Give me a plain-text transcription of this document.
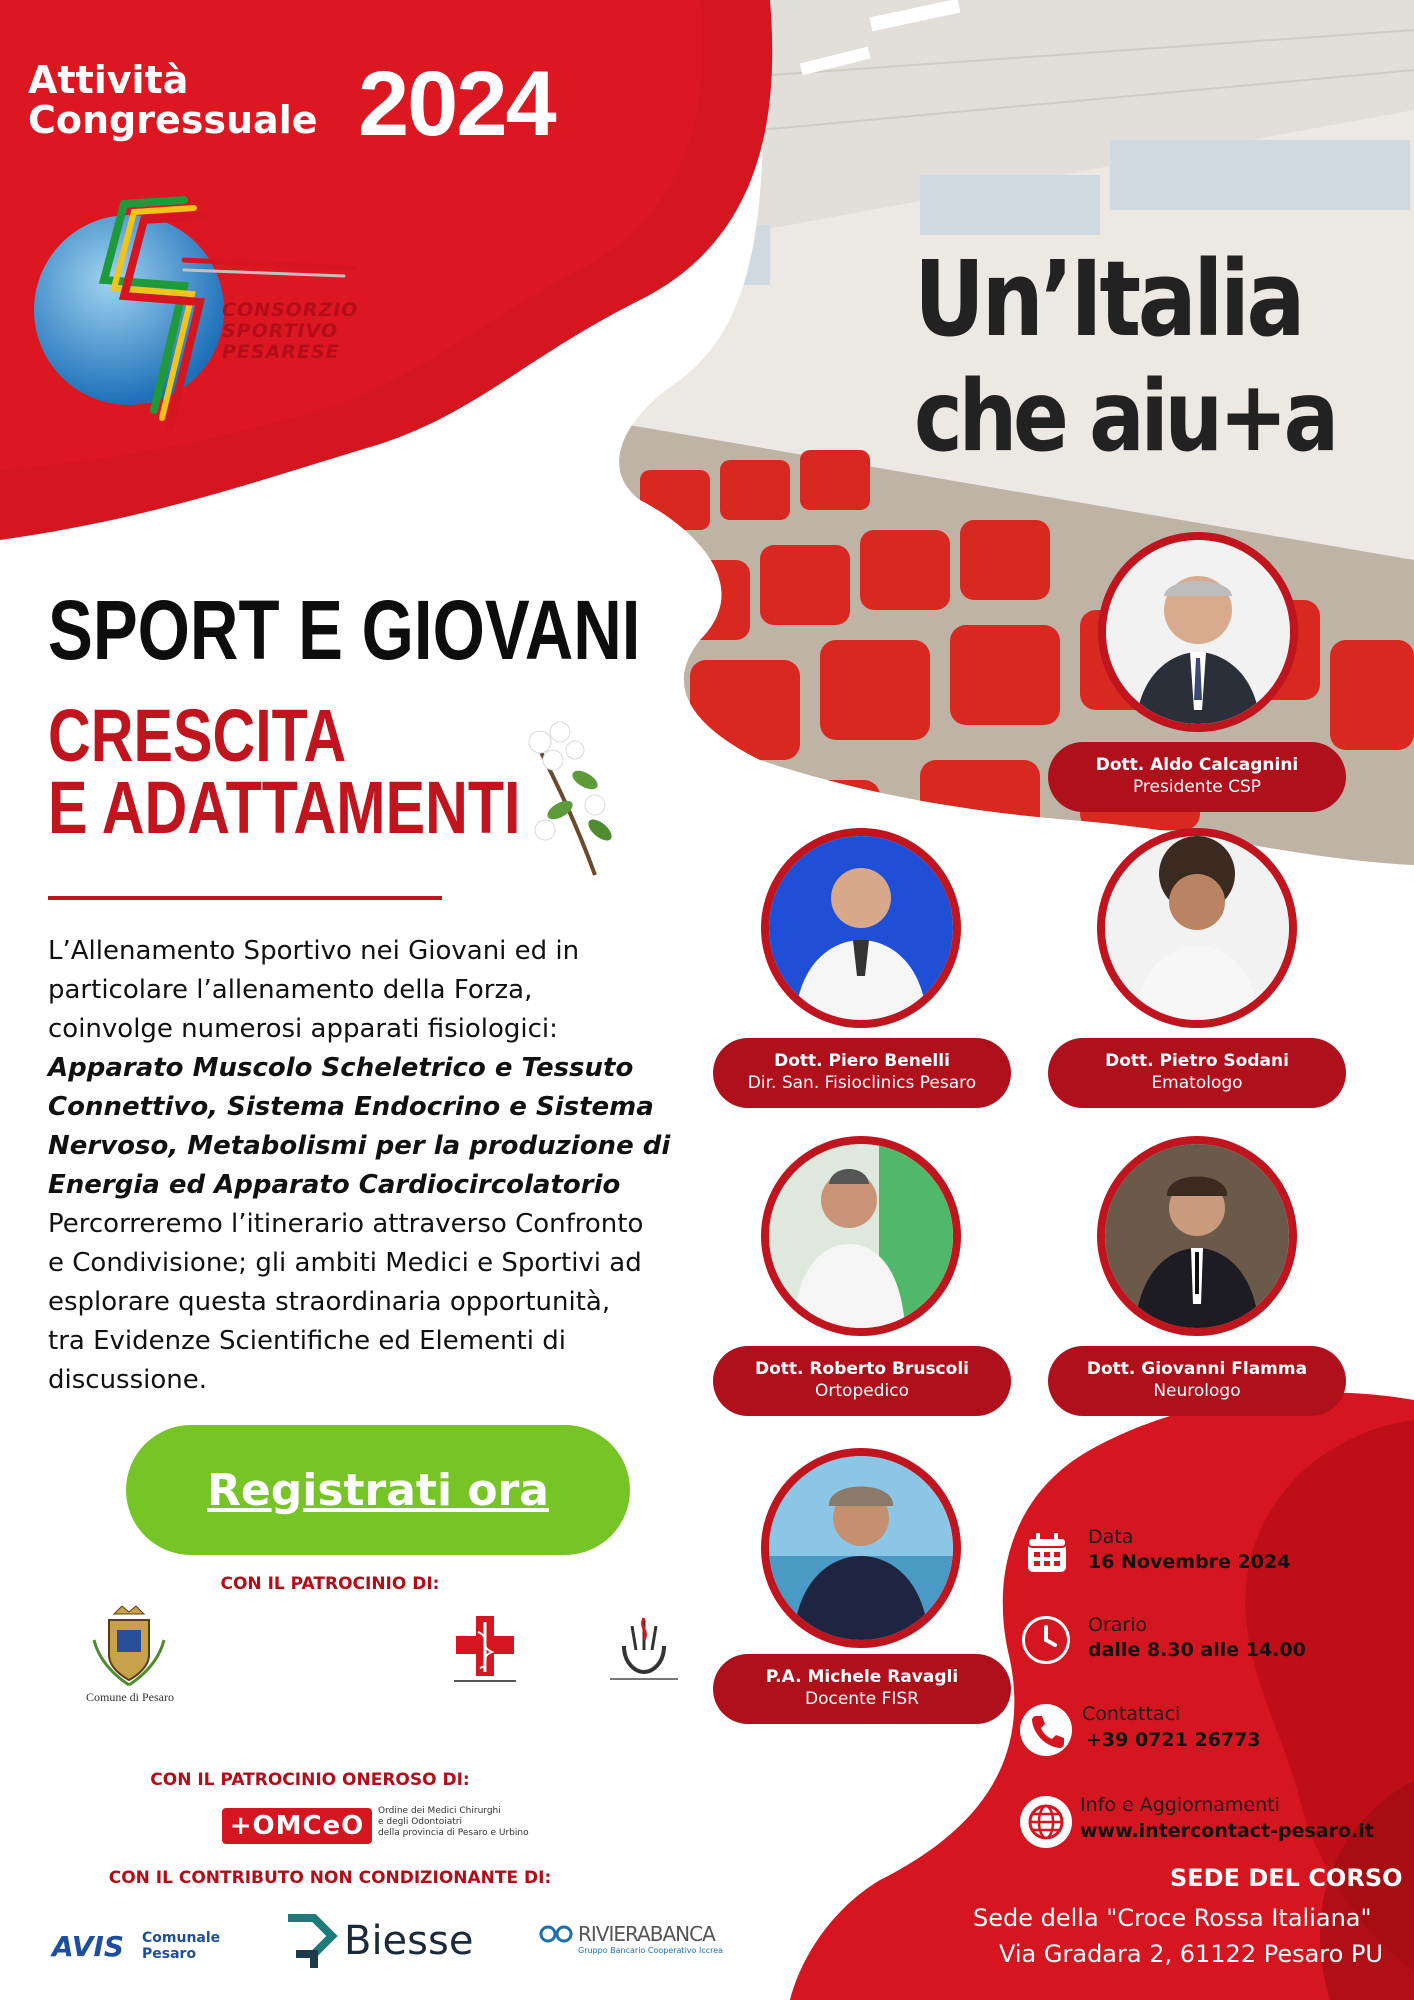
Attività
Congressuale 2024
CONSORZIO
SPORTIVO
PESARESE	Un’Italia
che aiu+a
SPORT E GIOVANI
CRESCITA
E ADATTAMENTI
L’Allenamento Sportivo nei Giovani ed in
particolare l’allenamento della Forza,
coinvolge numerosi apparati fisiologici:
Apparato Muscolo Scheletrico e Tessuto
Connettivo, Sistema Endocrino e Sistema
Nervoso, Metabolismi per la produzione di
Energia ed Apparato Cardiocircolatorio
Percorreremo l’itinerario attraverso Confronto
e Condivisione; gli ambiti Medici e Sportivi ad
esplorare questa straordinaria opportunità,
tra Evidenze Scientifiche ed Elementi di
discussione.
Registrati ora
CON IL PATROCINIO DI:
Comune di Pesaro
CON IL PATROCINIO ONEROSO DI:
+OMCeO	Ordine dei Medici Chirurghi
e degli Odontoiatri
della provincia di Pesaro e Urbino
CON IL CONTRIBUTO NON CONDIZIONANTE DI:
AVIS Comunale
Pesaro	Biesse	RIVIERABANCA
Gruppo Bancario Cooperativo Iccrea
Dott. Aldo Calcagnini
Presidente CSP
Dott. Piero Benelli
Dir. San. Fisioclinics Pesaro
Dott. Pietro Sodani
Ematologo
Dott. Roberto Bruscoli
Ortopedico
Dott. Giovanni Flamma
Neurologo
P.A. Michele Ravagli
Docente FISR
Data
16 Novembre 2024
Orario
dalle 8.30 alle 14.00
Contattaci
+39 0721 26773
Info e Aggiornamenti
www.intercontact-pesaro.it
SEDE DEL CORSO
Sede della "Croce Rossa Italiana"
Via Gradara 2, 61122 Pesaro PU
